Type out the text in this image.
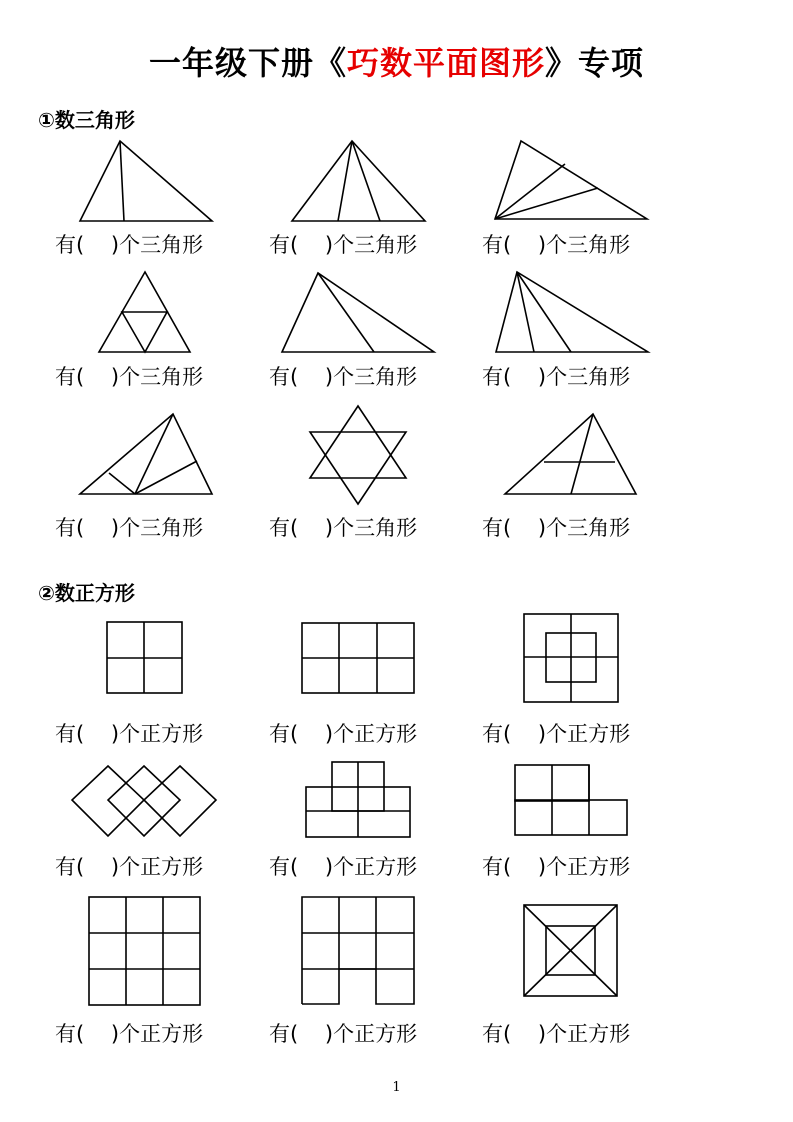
一年级下册《巧数平面图形》专项
①数三角形
②数正方形
有(    )个三角形	有(    )个三角形	有(    )个三角形
有(    )个三角形	有(    )个三角形	有(    )个三角形
有(    )个三角形	有(    )个三角形	有(    )个三角形
有(    )个正方形	有(    )个正方形	有(    )个正方形
有(    )个正方形	有(    )个正方形	有(    )个正方形
有(    )个正方形	有(    )个正方形	有(    )个正方形
1
